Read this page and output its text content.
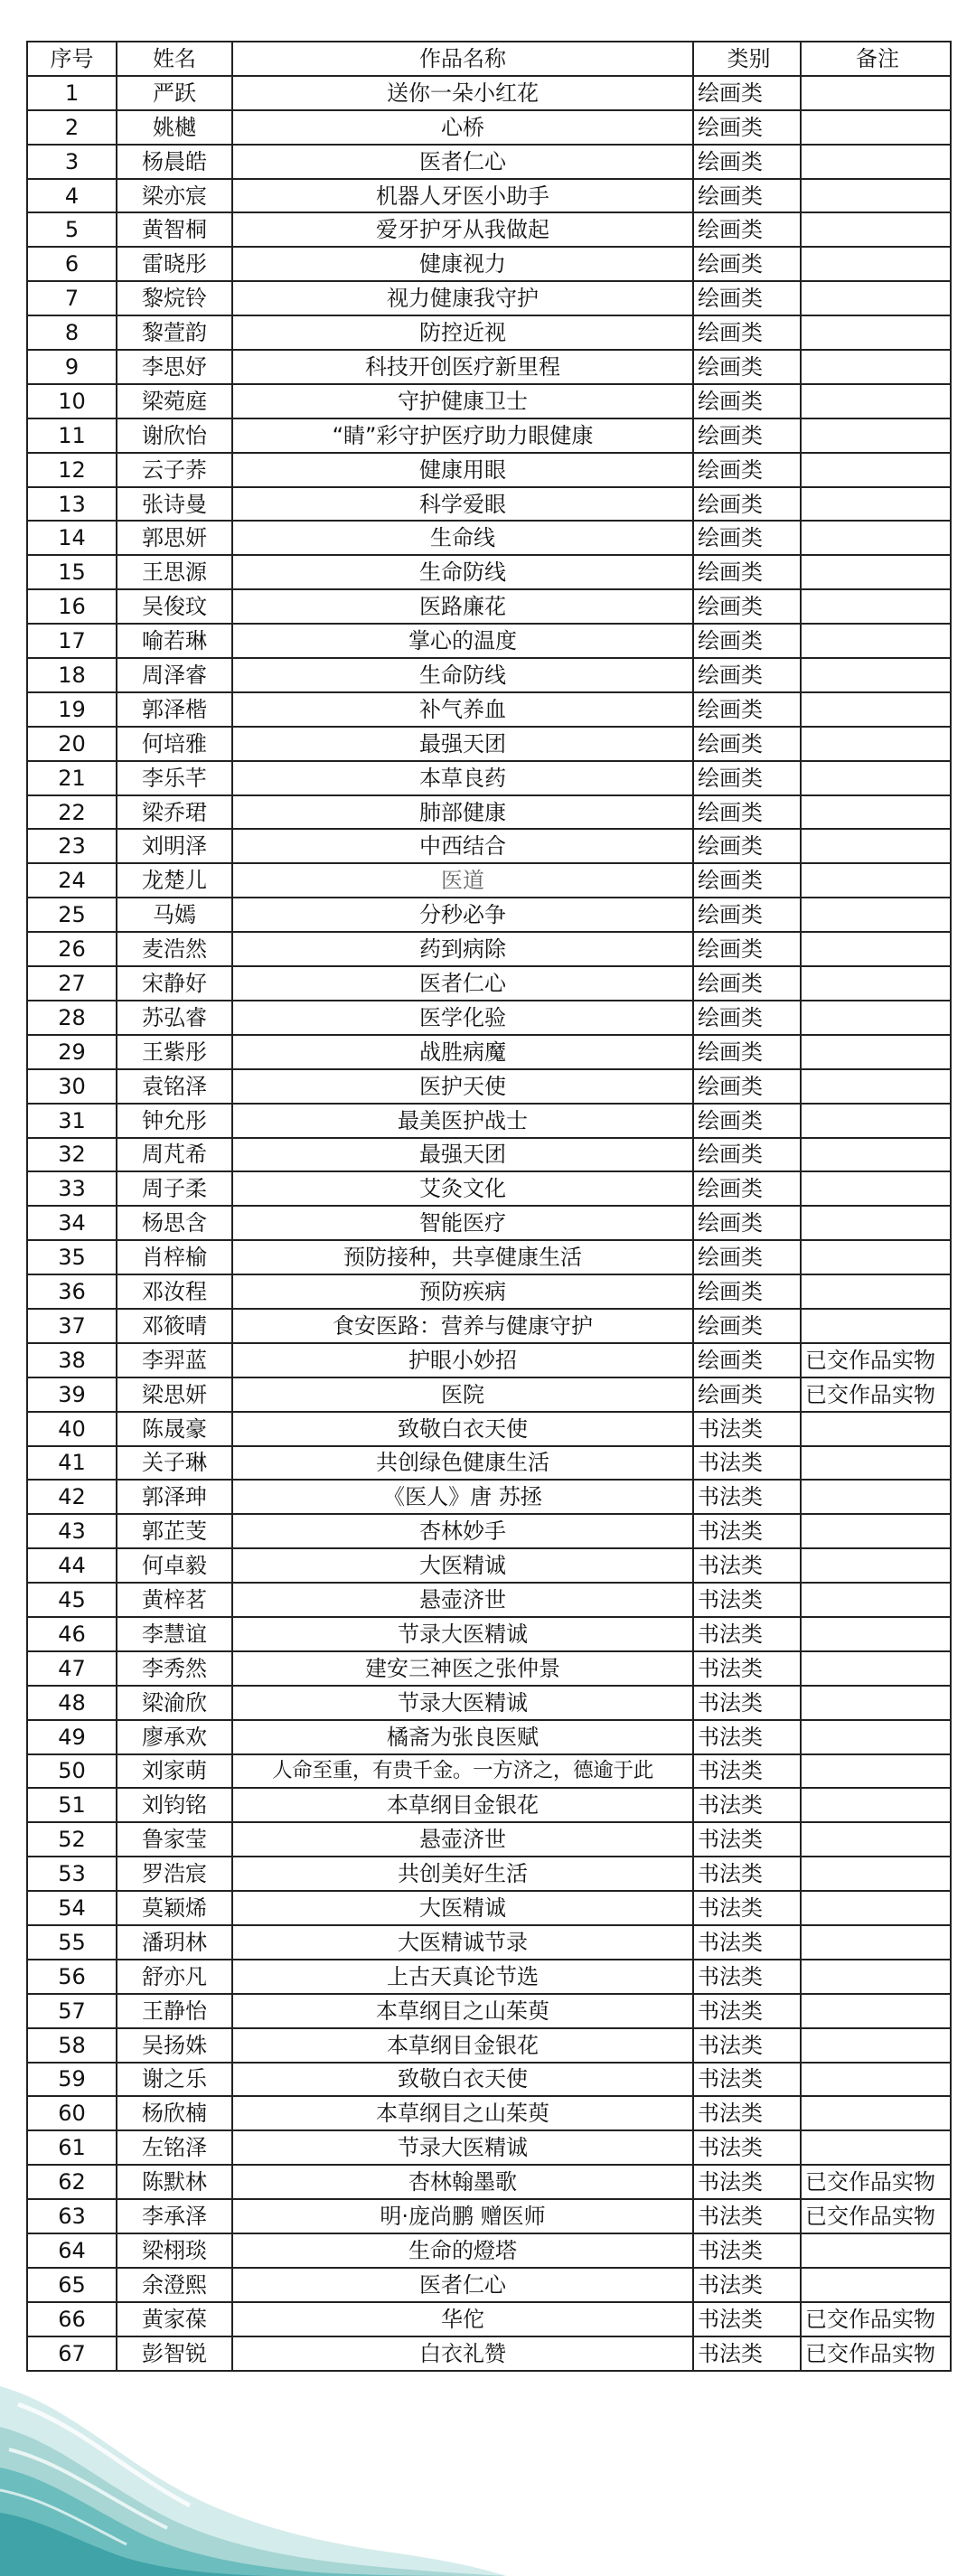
序号	姓名	作品名称	类别	备注
1	严跃	送你一朵小红花	绘画类	
2	姚樾	心桥	绘画类	
3	杨晨皓	医者仁心	绘画类	
4	梁亦宸	机器人牙医小助手	绘画类	
5	黄智桐	爱牙护牙从我做起	绘画类	
6	雷晓彤	健康视力	绘画类	
7	黎烷铃	视力健康我守护	绘画类	
8	黎萱韵	防控近视	绘画类	
9	李思妤	科技开创医疗新里程	绘画类	
10	梁菀庭	守护健康卫士	绘画类	
11	谢欣怡	“睛”彩守护医疗助力眼健康	绘画类	
12	云子荞	健康用眼	绘画类	
13	张诗曼	科学爱眼	绘画类	
14	郭思妍	生命线	绘画类	
15	王思源	生命防线	绘画类	
16	吴俊玟	医路廉花	绘画类	
17	喻若琳	掌心的温度	绘画类	
18	周泽睿	生命防线	绘画类	
19	郭泽楷	补气养血	绘画类	
20	何培雅	最强天团	绘画类	
21	李乐芊	本草良药	绘画类	
22	梁乔珺	肺部健康	绘画类	
23	刘明泽	中西结合	绘画类	
24	龙楚儿	医道	绘画类	
25	马嫣	分秒必争	绘画类	
26	麦浩然	药到病除	绘画类	
27	宋静好	医者仁心	绘画类	
28	苏弘睿	医学化验	绘画类	
29	王紫彤	战胜病魔	绘画类	
30	袁铭泽	医护天使	绘画类	
31	钟允彤	最美医护战士	绘画类	
32	周芃希	最强天团	绘画类	
33	周子柔	艾灸文化	绘画类	
34	杨思含	智能医疗	绘画类	
35	肖梓榆	预防接种，共享健康生活	绘画类	
36	邓汝程	预防疾病	绘画类	
37	邓筱晴	食安医路：营养与健康守护	绘画类	
38	李羿蓝	护眼小妙招	绘画类	已交作品实物
39	梁思妍	医院	绘画类	已交作品实物
40	陈晟豪	致敬白衣天使	书法类	
41	关子琳	共创绿色健康生活	书法类	
42	郭泽珅	《医人》唐 苏拯	书法类	
43	郭芷芰	杏林妙手	书法类	
44	何卓毅	大医精诚	书法类	
45	黄梓茗	悬壶济世	书法类	
46	李慧谊	节录大医精诚	书法类	
47	李秀然	建安三神医之张仲景	书法类	
48	梁渝欣	节录大医精诚	书法类	
49	廖承欢	橘斋为张良医赋	书法类	
50	刘家萌	人命至重，有贵千金。一方济之，德逾于此	书法类	
51	刘钧铭	本草纲目金银花	书法类	
52	鲁家莹	悬壶济世	书法类	
53	罗浩宸	共创美好生活	书法类	
54	莫颖烯	大医精诚	书法类	
55	潘玥林	大医精诚节录	书法类	
56	舒亦凡	上古天真论节选	书法类	
57	王静怡	本草纲目之山茱萸	书法类	
58	吴扬姝	本草纲目金银花	书法类	
59	谢之乐	致敬白衣天使	书法类	
60	杨欣楠	本草纲目之山茱萸	书法类	
61	左铭泽	节录大医精诚	书法类	
62	陈默林	杏林翰墨歌	书法类	已交作品实物
63	李承泽	明·庞尚鹏 赠医师	书法类	已交作品实物
64	梁栩琰	生命的燈塔	书法类	
65	余澄熙	医者仁心	书法类	
66	黄家葆	华佗	书法类	已交作品实物
67	彭智锐	白衣礼赞	书法类	已交作品实物
